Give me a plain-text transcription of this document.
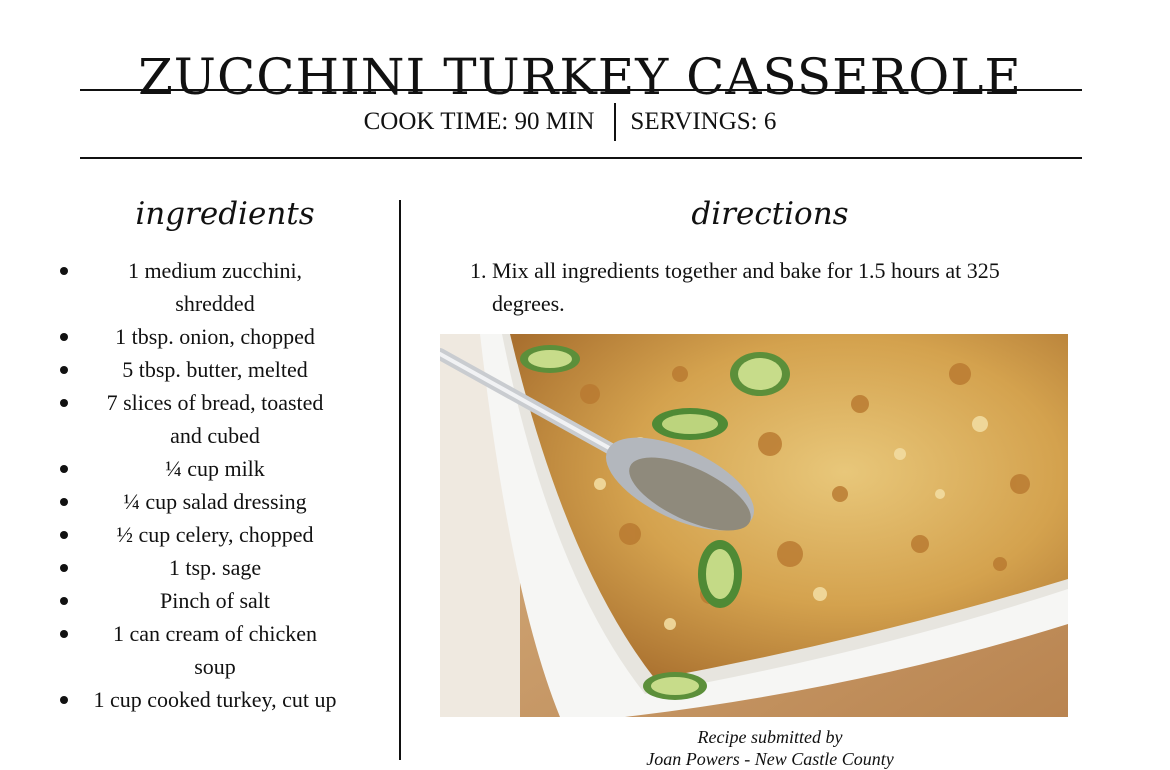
ZUCCHINI TURKEY CASSEROLE
COOK TIME: 90 MIN SERVINGS: 6
ingredients
1 medium zucchini, shredded
1 tbsp. onion, chopped
5 tbsp. butter, melted
7 slices of bread, toasted and cubed
¼ cup milk
¼ cup salad dressing
½ cup celery, chopped
1 tsp. sage
Pinch of salt
1 can cream of chicken soup
1 cup cooked turkey, cut up
directions
1. Mix all ingredients together and bake for 1.5 hours at 325 degrees.
Recipe submitted by
Joan Powers - New Castle County
